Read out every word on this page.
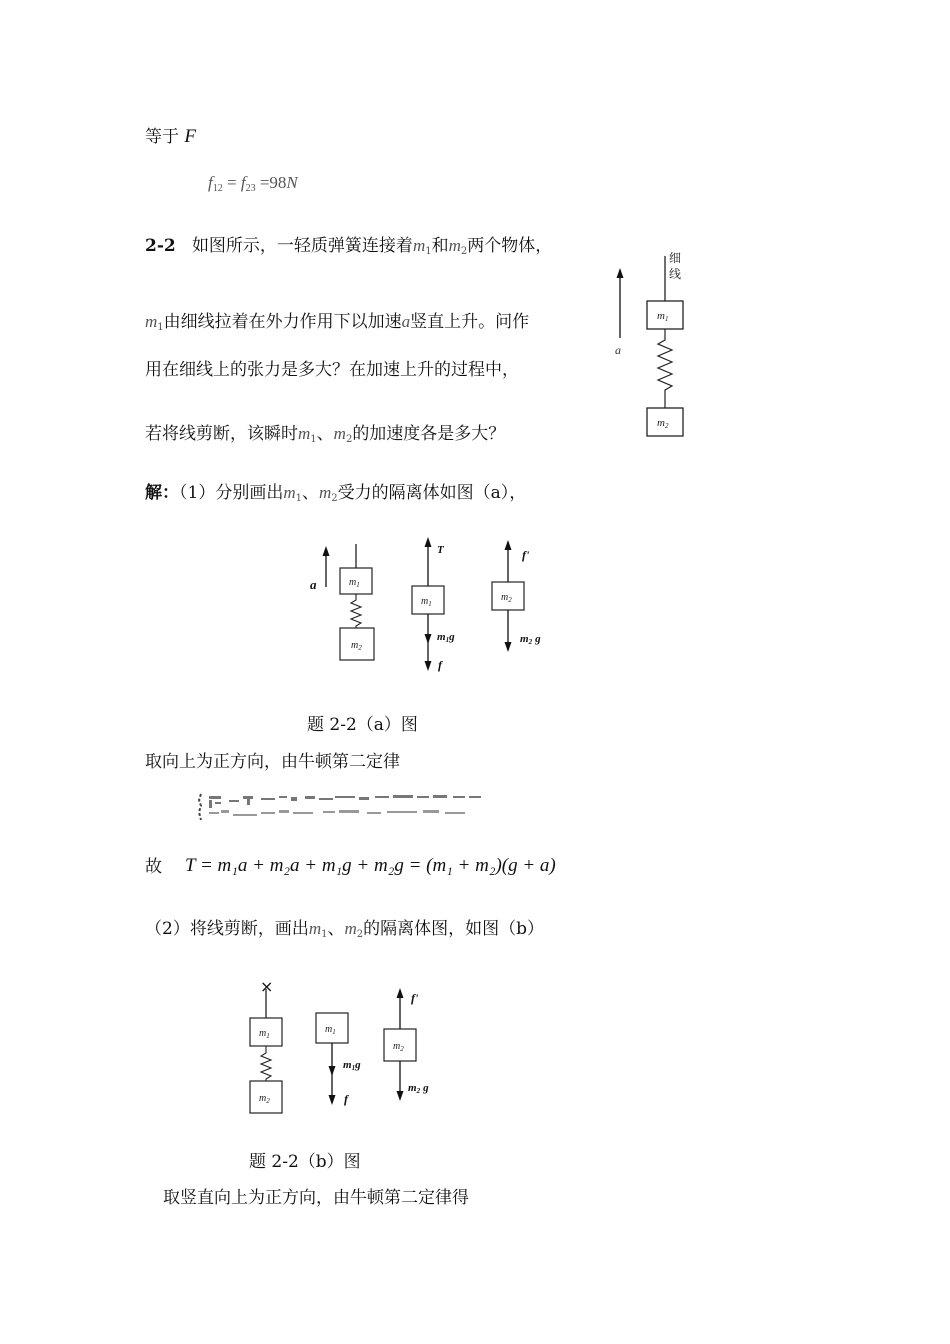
等于 F
$f_{12} = f_{23} =98N$
2-2 如图所示，一轻质弹簧连接着$m_1$和$m_2$两个物体，
$m_1$由细线拉着在外力作用下以加速a竖直上升。问作
用在细线上的张力是多大？在加速上升的过程中，
若将线剪断，该瞬时$m_1$、$m_2$的加速度各是多大？
a
细
线
m1
m2
解：（1）分别画出$m_1$、$m_2$受力的隔离体如图（a），
a	$m_1$
$m_2$
T
$m_1$
m1g
f
f'
$m_2$
m2 g
题 2-2（a）图
取向上为正方向，由牛顿第二定律
故 T = m₁a + m₂a + m₁g + m₂g = (m₁ + m₂)(g + a)
（2）将线剪断，画出$m_1$、$m_2$的隔离体图，如图（b）
×
$m_1$
$m_2$
$m_1$
m1g
f
f'
$m_2$
m2 g
题 2-2（b）图
取竖直向上为正方向，由牛顿第二定律得
